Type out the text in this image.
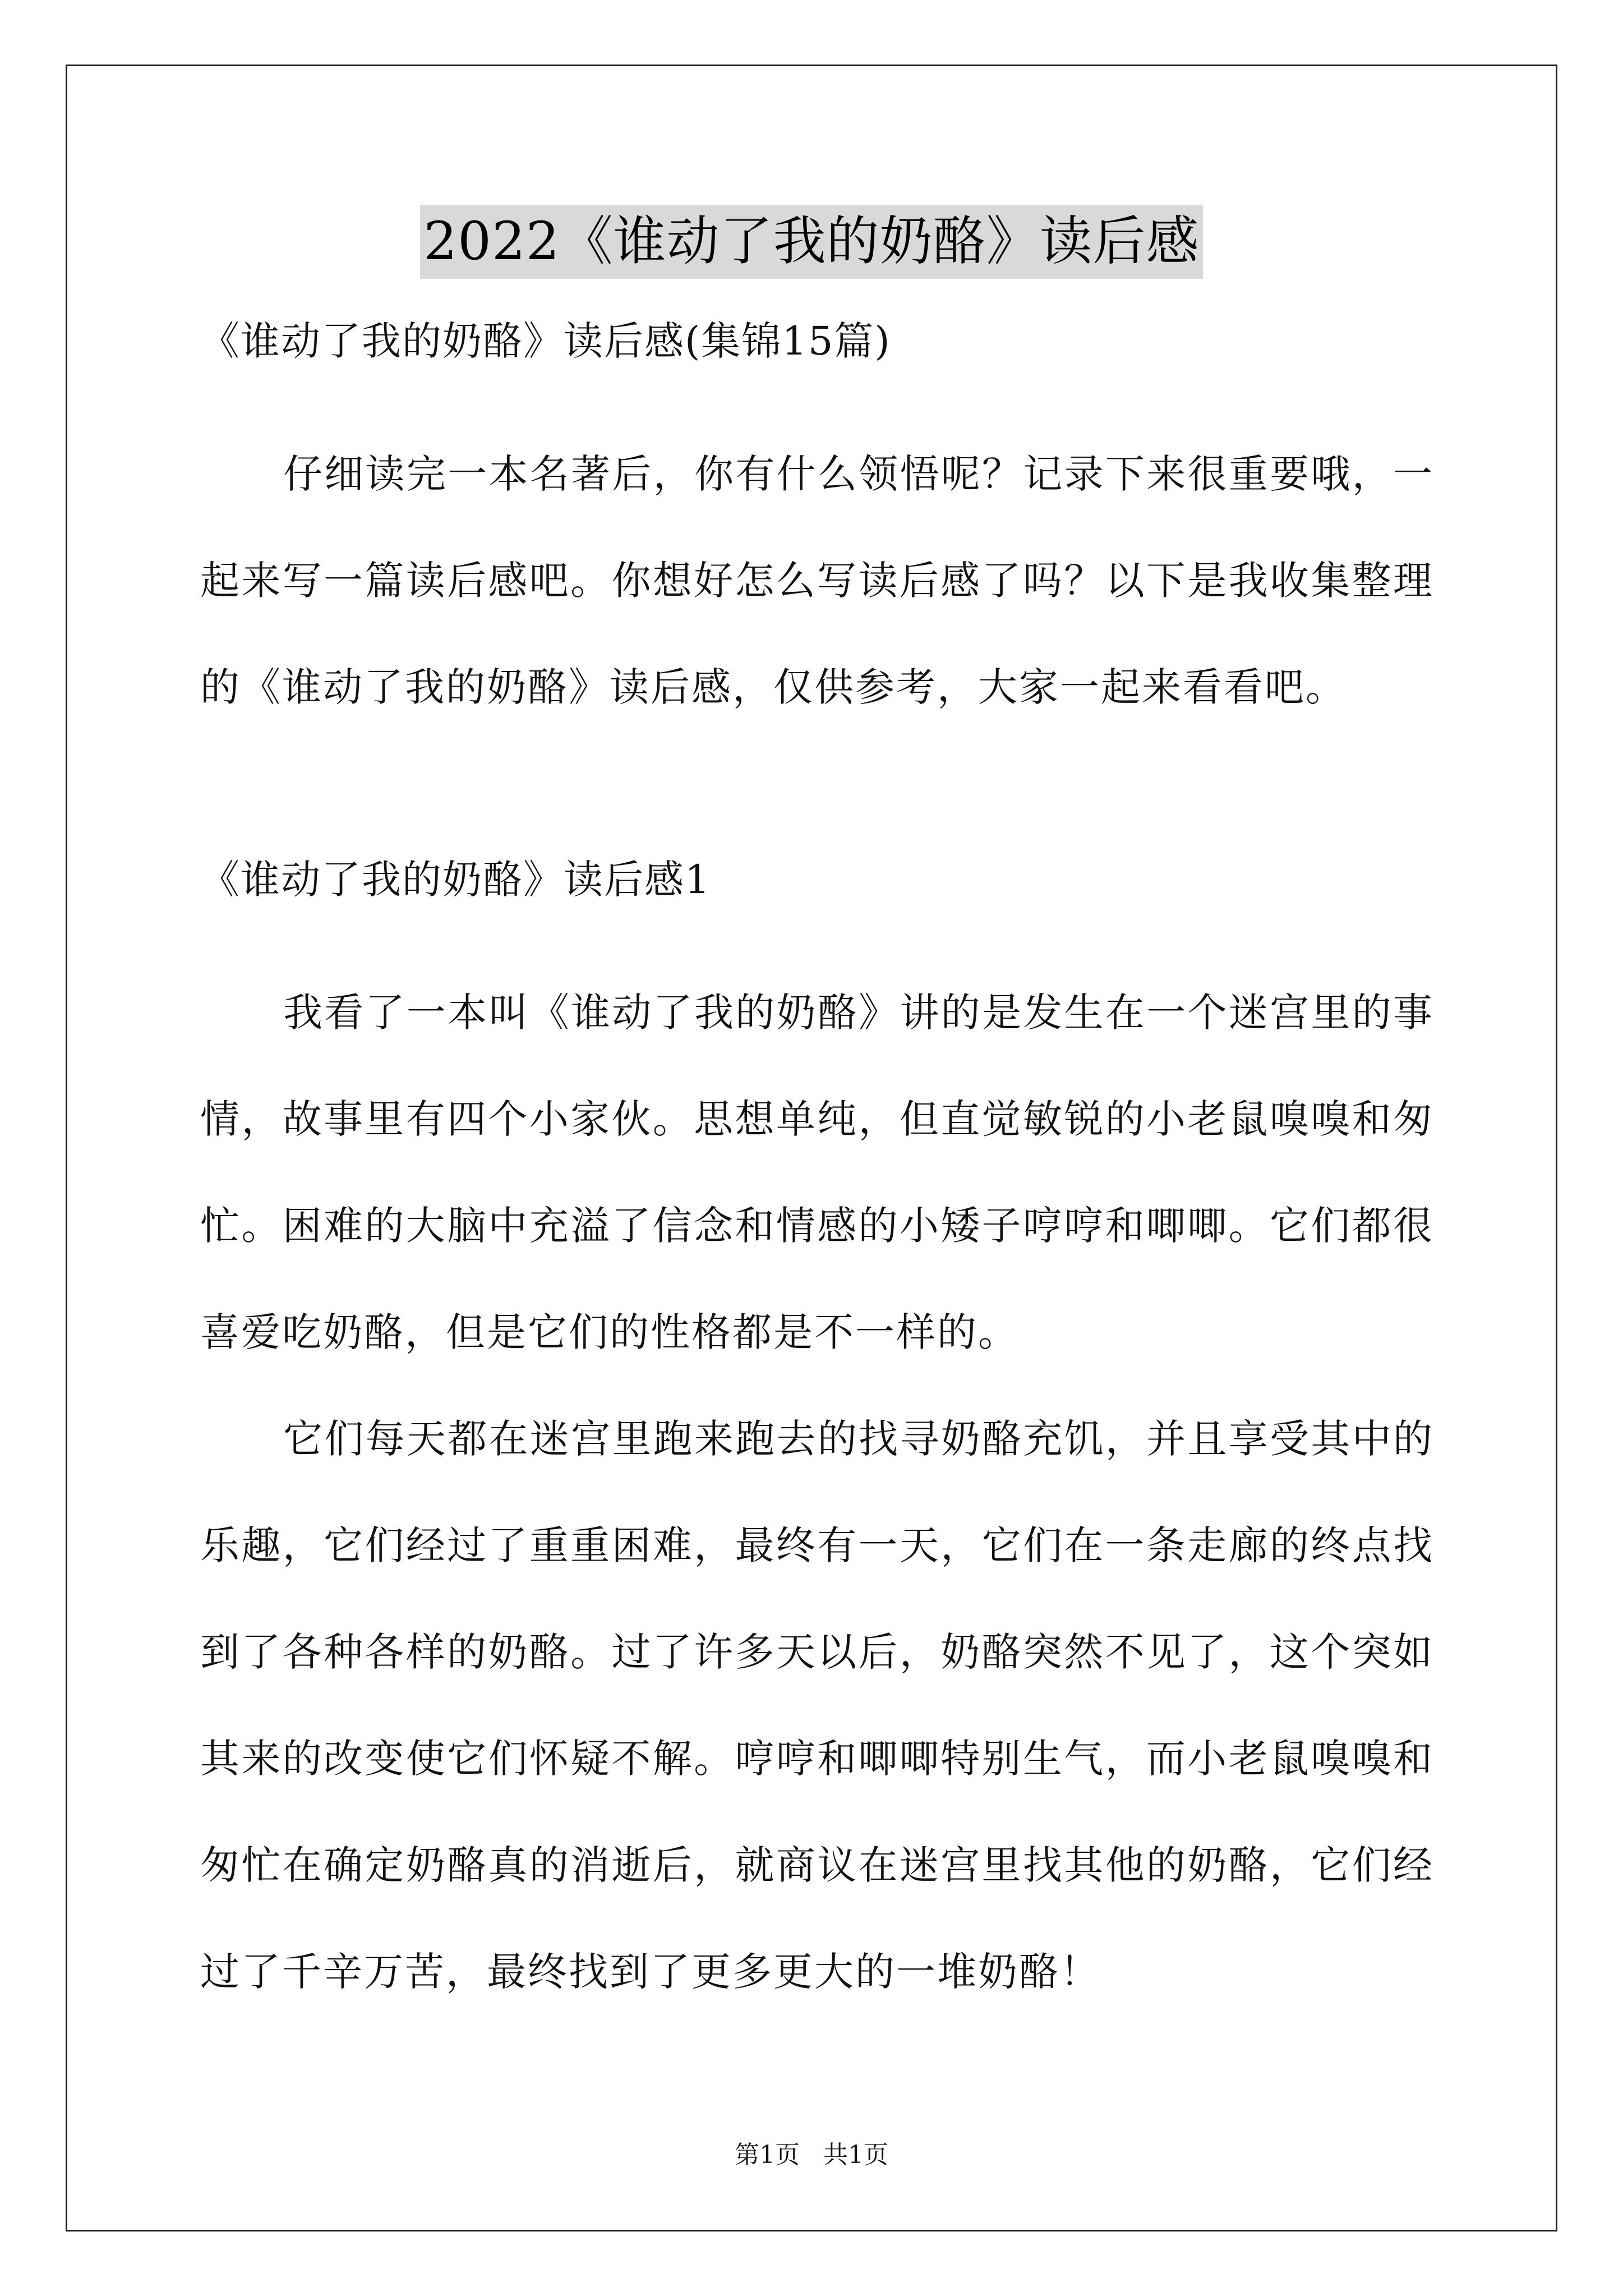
2022《谁动了我的奶酪》读后感
《谁动了我的奶酪》读后感(集锦15篇)

仔细读完一本名著后，你有什么领悟呢？记录下来很重要哦，一起来写一篇读后感吧。你想好怎么写读后感了吗？以下是我收集整理的《谁动了我的奶酪》读后感，仅供参考，大家一起来看看吧。

《谁动了我的奶酪》读后感1

我看了一本叫《谁动了我的奶酪》讲的是发生在一个迷宫里的事情，故事里有四个小家伙。思想单纯，但直觉敏锐的小老鼠嗅嗅和匆忙。困难的大脑中充溢了信念和情感的小矮子哼哼和唧唧。它们都很喜爱吃奶酪，但是它们的性格都是不一样的。

它们每天都在迷宫里跑来跑去的找寻奶酪充饥，并且享受其中的乐趣，它们经过了重重困难，最终有一天，它们在一条走廊的终点找到了各种各样的奶酪。过了许多天以后，奶酪突然不见了，这个突如其来的改变使它们怀疑不解。哼哼和唧唧特别生气，而小老鼠嗅嗅和匆忙在确定奶酪真的消逝后，就商议在迷宫里找其他的奶酪，它们经过了千辛万苦，最终找到了更多更大的一堆奶酪！

第1页 共1页
